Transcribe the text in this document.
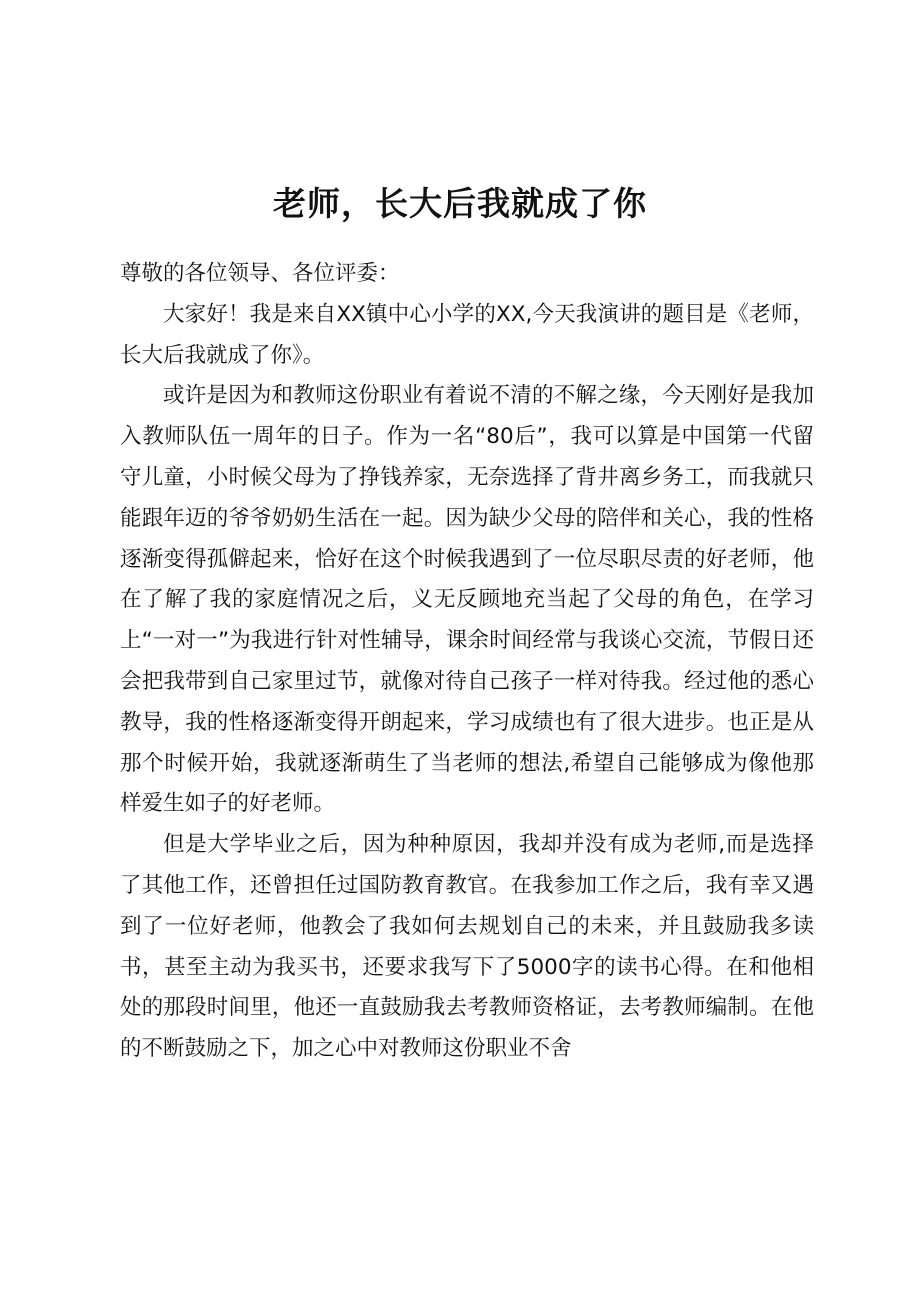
老师，长大后我就成了你

尊敬的各位领导、各位评委：

大家好！我是来自XX镇中心小学的XX,今天我演讲的题目是《老师，长大后我就成了你》。

或许是因为和教师这份职业有着说不清的不解之缘，今天刚好是我加入教师队伍一周年的日子。作为一名“80后”，我可以算是中国第一代留守儿童，小时候父母为了挣钱养家，无奈选择了背井离乡务工，而我就只能跟年迈的爷爷奶奶生活在一起。因为缺少父母的陪伴和关心，我的性格逐渐变得孤僻起来，恰好在这个时候我遇到了一位尽职尽责的好老师，他在了解了我的家庭情况之后，义无反顾地充当起了父母的角色，在学习上“一对一”为我进行针对性辅导，课余时间经常与我谈心交流，节假日还会把我带到自己家里过节，就像对待自己孩子一样对待我。经过他的悉心教导，我的性格逐渐变得开朗起来，学习成绩也有了很大进步。也正是从那个时候开始，我就逐渐萌生了当老师的想法,希望自己能够成为像他那样爱生如子的好老师。

但是大学毕业之后，因为种种原因，我却并没有成为老师,而是选择了其他工作，还曾担任过国防教育教官。在我参加工作之后，我有幸又遇到了一位好老师，他教会了我如何去规划自己的未来，并且鼓励我多读书，甚至主动为我买书，还要求我写下了5000字的读书心得。在和他相处的那段时间里，他还一直鼓励我去考教师资格证，去考教师编制。在他的不断鼓励之下，加之心中对教师这份职业不舍
